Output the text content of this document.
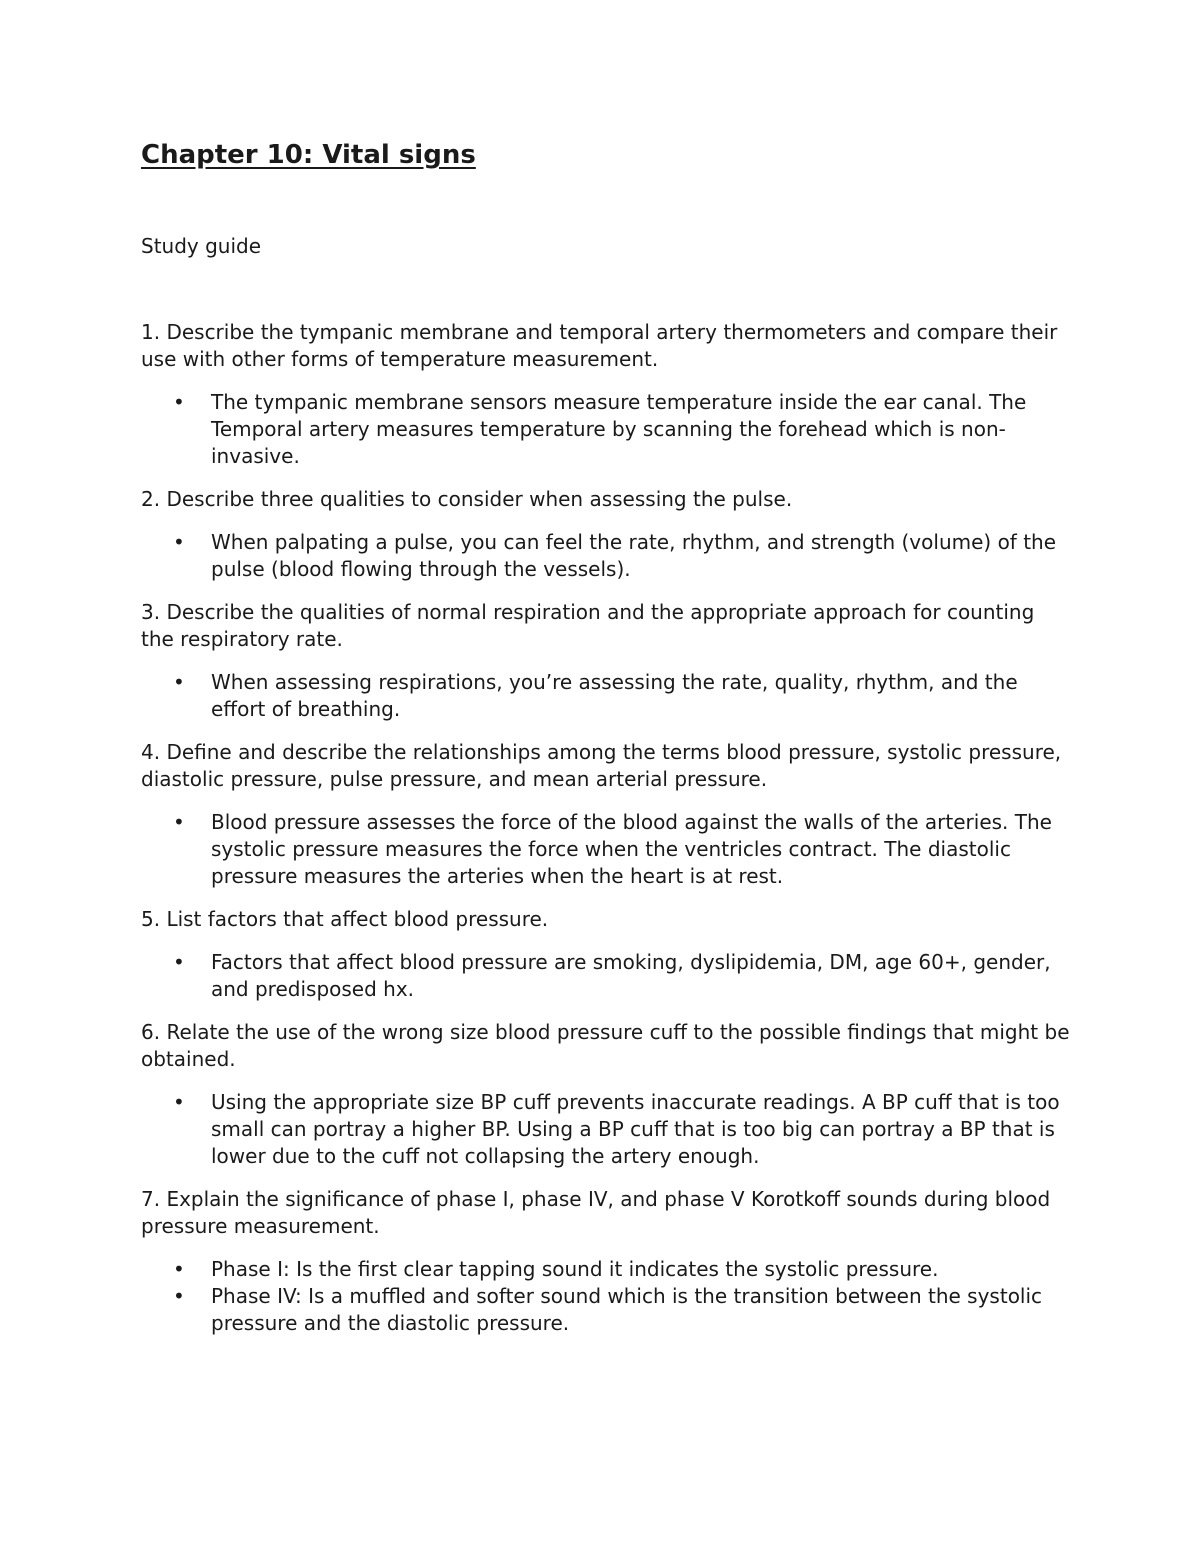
Chapter 10: Vital signs

Study guide

1. Describe the tympanic membrane and temporal artery thermometers and compare their use with other forms of temperature measurement.

• The tympanic membrane sensors measure temperature inside the ear canal. The Temporal artery measures temperature by scanning the forehead which is non-invasive.

2. Describe three qualities to consider when assessing the pulse.

• When palpating a pulse, you can feel the rate, rhythm, and strength (volume) of the pulse (blood flowing through the vessels).

3. Describe the qualities of normal respiration and the appropriate approach for counting the respiratory rate.

• When assessing respirations, you’re assessing the rate, quality, rhythm, and the effort of breathing.

4. Define and describe the relationships among the terms blood pressure, systolic pressure, diastolic pressure, pulse pressure, and mean arterial pressure.

• Blood pressure assesses the force of the blood against the walls of the arteries. The systolic pressure measures the force when the ventricles contract. The diastolic pressure measures the arteries when the heart is at rest.

5. List factors that affect blood pressure.

• Factors that affect blood pressure are smoking, dyslipidemia, DM, age 60+, gender, and predisposed hx.

6. Relate the use of the wrong size blood pressure cuff to the possible findings that might be obtained.

• Using the appropriate size BP cuff prevents inaccurate readings. A BP cuff that is too small can portray a higher BP. Using a BP cuff that is too big can portray a BP that is lower due to the cuff not collapsing the artery enough.

7. Explain the significance of phase I, phase IV, and phase V Korotkoff sounds during blood pressure measurement.

• Phase I: Is the first clear tapping sound it indicates the systolic pressure.
• Phase IV: Is a muffled and softer sound which is the transition between the systolic pressure and the diastolic pressure.
